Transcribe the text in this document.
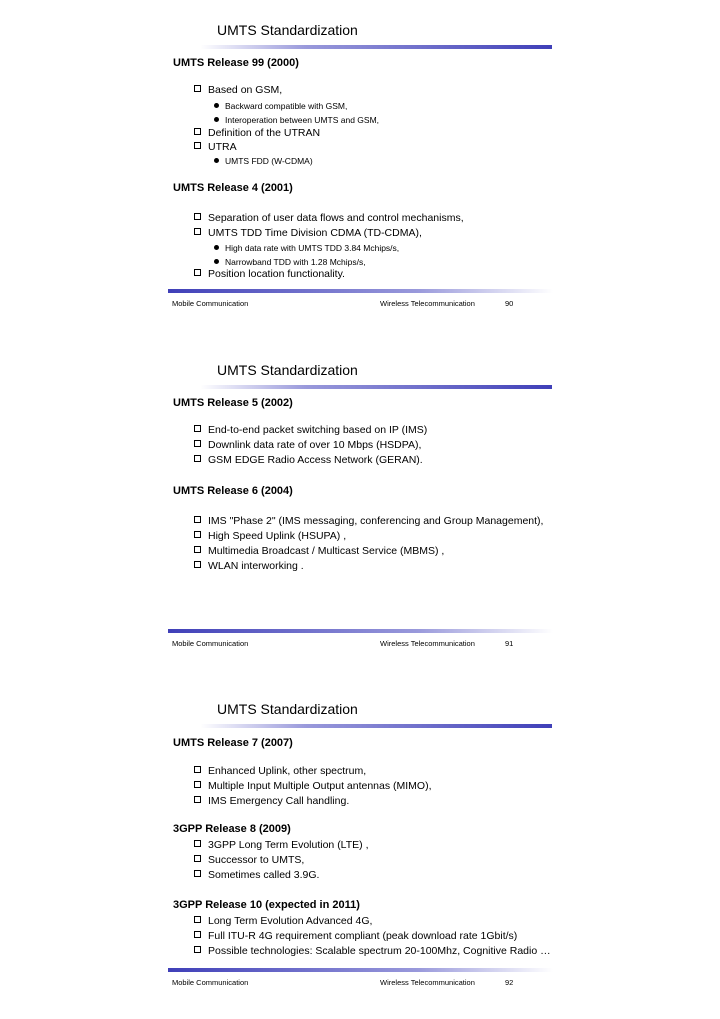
UMTS Standardization
UMTS Release 99 (2000)
Based on GSM,
Backward compatible with GSM,
Interoperation between UMTS and GSM,
Definition of the UTRAN
UTRA
UMTS FDD (W-CDMA)
UMTS Release 4 (2001)
Separation of user data flows and control mechanisms,
UMTS TDD Time Division CDMA (TD-CDMA),
High data rate with UMTS TDD 3.84 Mchips/s,
Narrowband TDD with 1.28 Mchips/s,
Position location functionality.
Mobile Communication	Wireless Telecommunication	90
UMTS Standardization
UMTS Release 5 (2002)
End-to-end packet switching based on IP (IMS)
Downlink data rate of over 10 Mbps (HSDPA),
GSM EDGE Radio Access Network (GERAN).
UMTS Release 6 (2004)
IMS "Phase 2" (IMS messaging, conferencing and Group Management),
High Speed Uplink (HSUPA) ,
Multimedia Broadcast / Multicast Service (MBMS) ,
WLAN interworking .
Mobile Communication	Wireless Telecommunication	91
UMTS Standardization
UMTS Release 7 (2007)
Enhanced Uplink, other spectrum,
Multiple Input Multiple Output antennas (MIMO),
IMS Emergency Call handling.
3GPP Release 8 (2009)
3GPP Long Term Evolution (LTE) ,
Successor to UMTS,
Sometimes called 3.9G.
3GPP Release 10 (expected in 2011)
Long Term Evolution Advanced 4G,
Full ITU-R 4G requirement compliant (peak download rate 1Gbit/s)
Possible technologies: Scalable spectrum 20-100Mhz, Cognitive Radio …
Mobile Communication	Wireless Telecommunication	92
